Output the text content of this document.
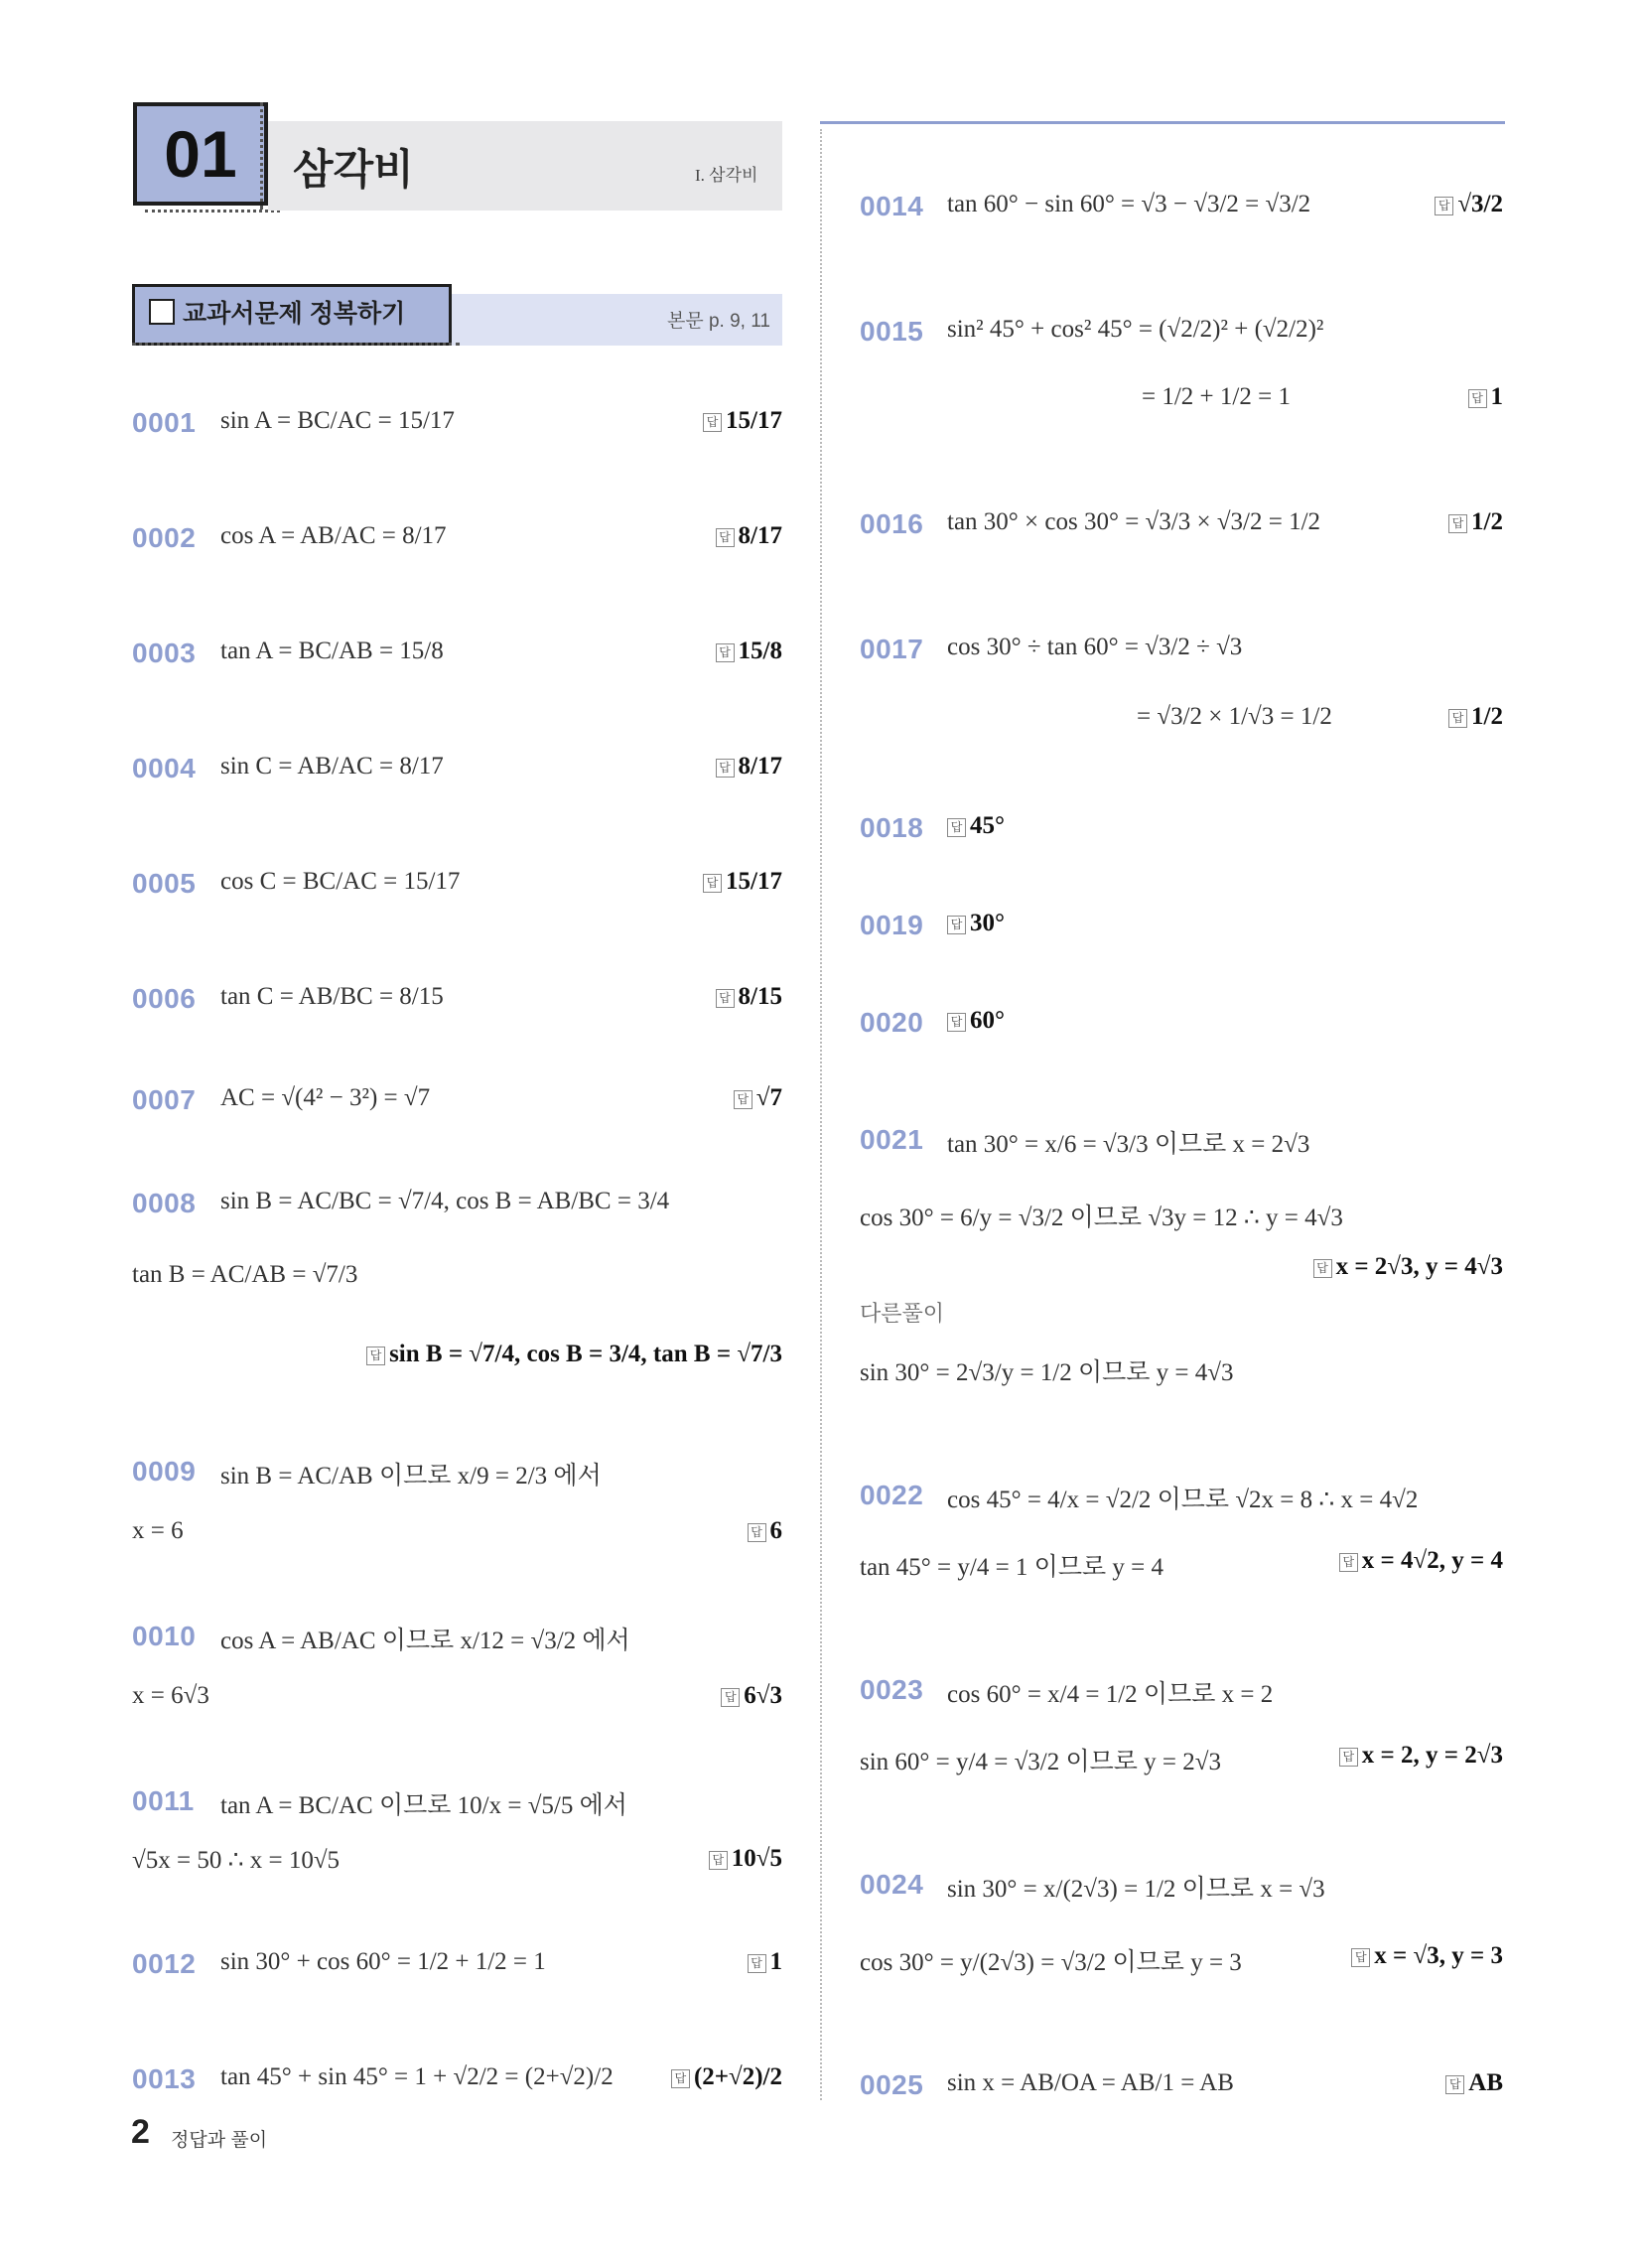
01	삼각비	I. 삼각비
교과서문제 정복하기	본문 p. 9, 11
0001 sin A = BC/AC = 15/17	답 15/17
0002 cos A = AB/AC = 8/17	답 8/17
0003 tan A = BC/AB = 15/8	답 15/8
0004 sin C = AB/AC = 8/17	답 8/17
0005 cos C = BC/AC = 15/17	답 15/17
0006 tan C = AB/BC = 8/15	답 8/15
0007 AC = √(4² − 3²) = √7	답 √7
0008 sin B = AC/BC = √7/4, cos B = AB/BC = 3/4
tan B = AC/AB = √7/3
답 sin B = √7/4, cos B = 3/4, tan B = √7/3
0009 sin B = AC/AB 이므로 x/9 = 2/3 에서
x = 6	답 6
0010 cos A = AB/AC 이므로 x/12 = √3/2 에서
x = 6√3	답 6√3
0011 tan A = BC/AC 이므로 10/x = √5/5 에서
√5x = 50 ∴ x = 10√5	답 10√5
0012 sin 30° + cos 60° = 1/2 + 1/2 = 1	답 1
0013 tan 45° + sin 45° = 1 + √2/2 = (2+√2)/2	답 (2+√2)/2
0014 tan 60° − sin 60° = √3 − √3/2 = √3/2	답 √3/2
0015 sin² 45° + cos² 45° = (√2/2)² + (√2/2)²
= 1/2 + 1/2 = 1	답 1
0016 tan 30° × cos 30° = √3/3 × √3/2 = 1/2	답 1/2
0017 cos 30° ÷ tan 60° = √3/2 ÷ √3
= √3/2 × 1/√3 = 1/2	답 1/2
0018	답 45°
0019	답 30°
0020	답 60°
0021 tan 30° = x/6 = √3/3 이므로 x = 2√3
cos 30° = 6/y = √3/2 이므로 √3y = 12 ∴ y = 4√3
답 x = 2√3, y = 4√3
다른풀이
sin 30° = 2√3/y = 1/2 이므로 y = 4√3
0022 cos 45° = 4/x = √2/2 이므로 √2x = 8 ∴ x = 4√2
tan 45° = y/4 = 1 이므로 y = 4	답 x = 4√2, y = 4
0023 cos 60° = x/4 = 1/2 이므로 x = 2
sin 60° = y/4 = √3/2 이므로 y = 2√3	답 x = 2, y = 2√3
0024 sin 30° = x/(2√3) = 1/2 이므로 x = √3
cos 30° = y/(2√3) = √3/2 이므로 y = 3	답 x = √3, y = 3
0025 sin x = AB/OA = AB/1 = AB	답 AB
2 정답과 풀이
